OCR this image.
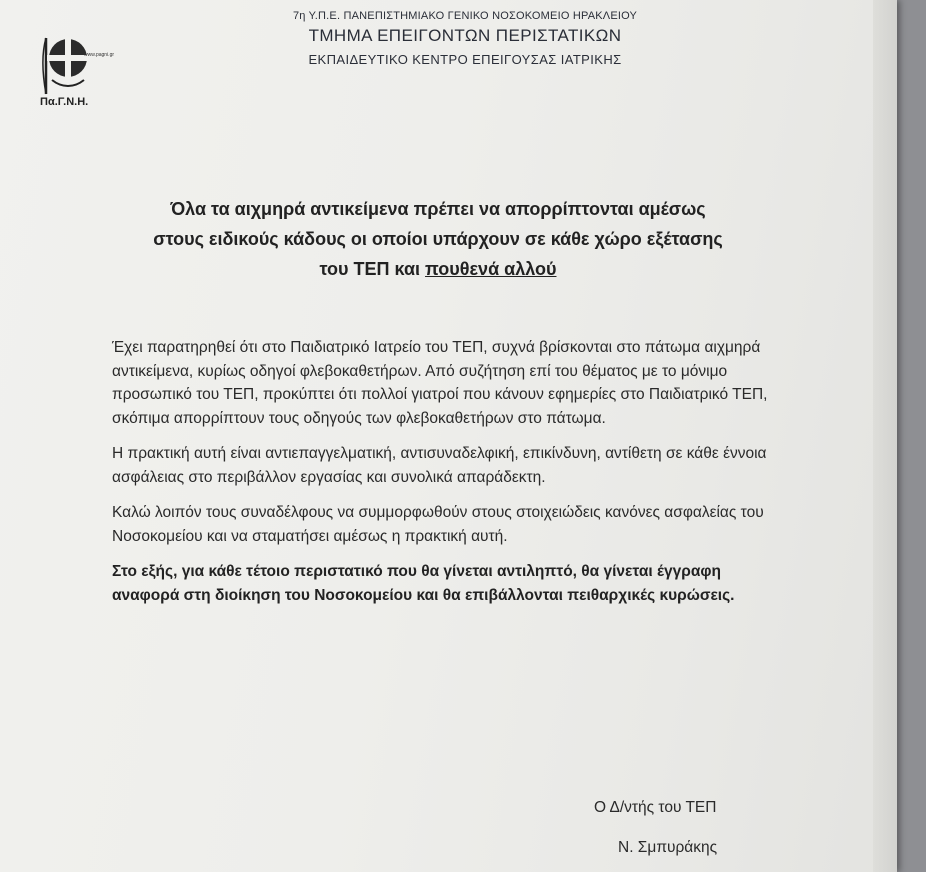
www.pagni.gr
Πα.Γ.Ν.Η.
7η Υ.Π.Ε. ΠΑΝΕΠΙΣΤΗΜΙΑΚΟ ΓΕΝΙΚΟ ΝΟΣΟΚΟΜΕΙΟ ΗΡΑΚΛΕΙΟΥ
ΤΜΗΜΑ ΕΠΕΙΓΟΝΤΩΝ ΠΕΡΙΣΤΑΤΙΚΩΝ
ΕΚΠΑΙΔΕΥΤΙΚΟ ΚΕΝΤΡΟ ΕΠΕΙΓΟΥΣΑΣ ΙΑΤΡΙΚΗΣ
Όλα τα αιχμηρά αντικείμενα πρέπει να απορρίπτονται αμέσως
στους ειδικούς κάδους οι οποίοι υπάρχουν σε κάθε χώρο εξέτασης
του ΤΕΠ και πουθενά αλλού

Έχει παρατηρηθεί ότι στο Παιδιατρικό Ιατρείο του ΤΕΠ, συχνά βρίσκονται στο πάτωμα αιχμηρά αντικείμενα, κυρίως οδηγοί φλεβοκαθετήρων. Από συζήτηση επί του θέματος με το μόνιμο προσωπικό του ΤΕΠ, προκύπτει ότι πολλοί γιατροί που κάνουν εφημερίες στο Παιδιατρικό ΤΕΠ, σκόπιμα απορρίπτουν τους οδηγούς των φλεβοκαθετήρων στο πάτωμα.

Η πρακτική αυτή είναι αντιεπαγγελματική, αντισυναδελφική, επικίνδυνη, αντίθετη σε κάθε έννοια ασφάλειας στο περιβάλλον εργασίας και συνολικά απαράδεκτη.

Καλώ λοιπόν τους συναδέλφους να συμμορφωθούν στους στοιχειώδεις κανόνες ασφαλείας του Νοσοκομείου και να σταματήσει αμέσως η πρακτική αυτή.

Στο εξής, για κάθε τέτοιο περιστατικό που θα γίνεται αντιληπτό, θα γίνεται έγγραφη αναφορά στη διοίκηση του Νοσοκομείου και θα επιβάλλονται πειθαρχικές κυρώσεις.

Ο Δ/ντής του ΤΕΠ
Ν. Σμπυράκης
